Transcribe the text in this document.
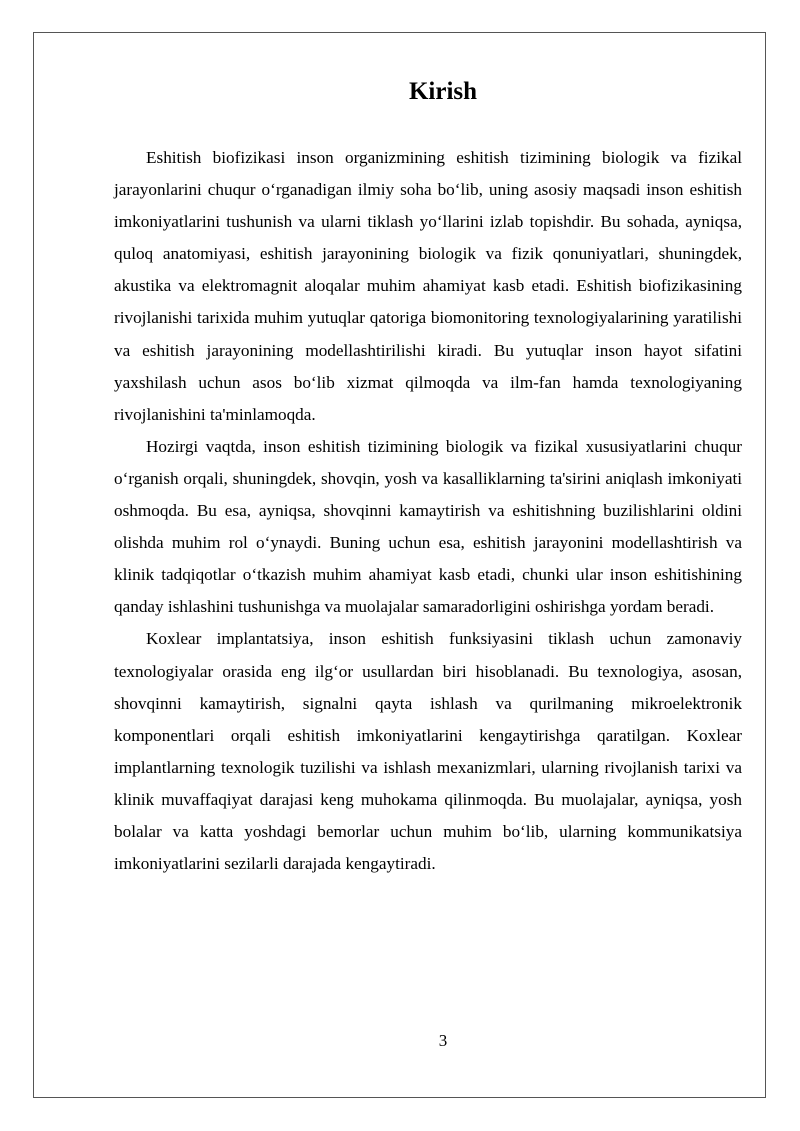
Kirish

Eshitish biofizikasi inson organizmining eshitish tizimining biologik va fizikal jarayonlarini chuqur o‘rganadigan ilmiy soha bo‘lib, uning asosiy maqsadi inson eshitish imkoniyatlarini tushunish va ularni tiklash yo‘llarini izlab topishdir. Bu sohada, ayniqsa, quloq anatomiyasi, eshitish jarayonining biologik va fizik qonuniyatlari, shuningdek, akustika va elektromagnit aloqalar muhim ahamiyat kasb etadi. Eshitish biofizikasining rivojlanishi tarixida muhim yutuqlar qatoriga biomonitoring texnologiyalarining yaratilishi va eshitish jarayonining modellashtirilishi kiradi. Bu yutuqlar inson hayot sifatini yaxshilash uchun asos bo‘lib xizmat qilmoqda va ilm-fan hamda texnologiyaning rivojlanishini ta'minlamoqda.

Hozirgi vaqtda, inson eshitish tizimining biologik va fizikal xususiyatlarini chuqur o‘rganish orqali, shuningdek, shovqin, yosh va kasalliklarning ta'sirini aniqlash imkoniyati oshmoqda. Bu esa, ayniqsa, shovqinni kamaytirish va eshitishning buzilishlarini oldini olishda muhim rol o‘ynaydi. Buning uchun esa, eshitish jarayonini modellashtirish va klinik tadqiqotlar o‘tkazish muhim ahamiyat kasb etadi, chunki ular inson eshitishining qanday ishlashini tushunishga va muolajalar samaradorligini oshirishga yordam beradi.

Koxlear implantatsiya, inson eshitish funksiyasini tiklash uchun zamonaviy texnologiyalar orasida eng ilg‘or usullardan biri hisoblanadi. Bu texnologiya, asosan, shovqinni kamaytirish, signalni qayta ishlash va qurilmaning mikroelektronik komponentlari orqali eshitish imkoniyatlarini kengaytirishga qaratilgan. Koxlear implantlarning texnologik tuzilishi va ishlash mexanizmlari, ularning rivojlanish tarixi va klinik muvaffaqiyat darajasi keng muhokama qilinmoqda. Bu muolajalar, ayniqsa, yosh bolalar va katta yoshdagi bemorlar uchun muhim bo‘lib, ularning kommunikatsiya imkoniyatlarini sezilarli darajada kengaytiradi.

3
